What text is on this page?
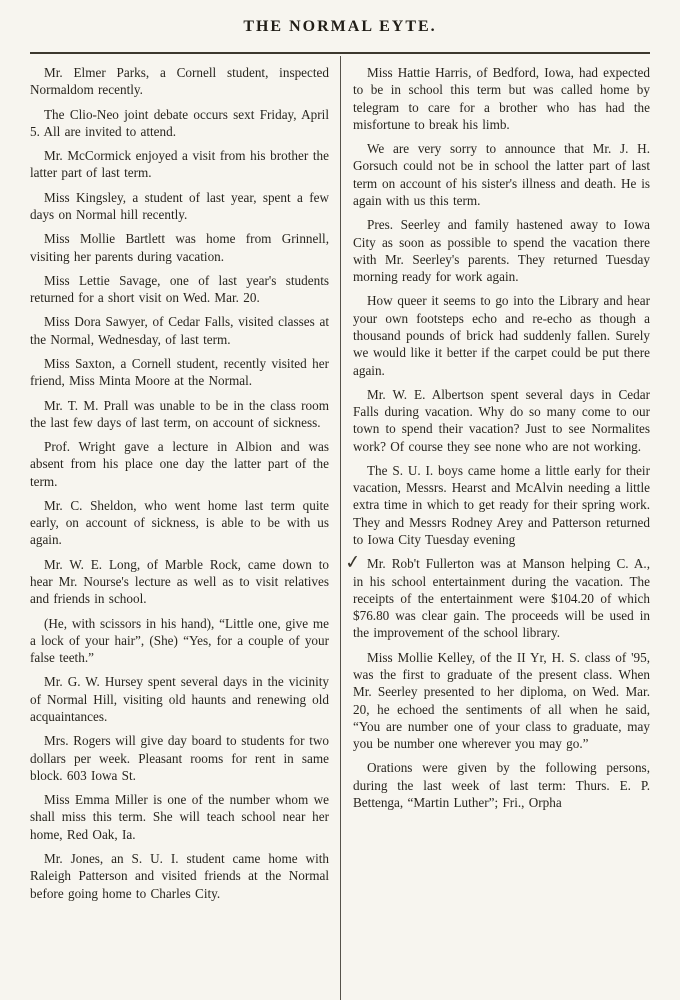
THE NORMAL EYTE.

Mr. Elmer Parks, a Cornell student, inspected Normaldom recently.

The Clio-Neo joint debate occurs sext Friday, April 5. All are invited to attend.

Mr. McCormick enjoyed a visit from his brother the latter part of last term.

Miss Kingsley, a student of last year, spent a few days on Normal hill recently.

Miss Mollie Bartlett was home from Grinnell, visiting her parents during vacation.

Miss Lettie Savage, one of last year's students returned for a short visit on Wed. Mar. 20.

Miss Dora Sawyer, of Cedar Falls, visited classes at the Normal, Wednesday, of last term.

Miss Saxton, a Cornell student, recently visited her friend, Miss Minta Moore at the Normal.

Mr. T. M. Prall was unable to be in the class room the last few days of last term, on account of sickness.

Prof. Wright gave a lecture in Albion and was absent from his place one day the latter part of the term.

Mr. C. Sheldon, who went home last term quite early, on account of sickness, is able to be with us again.

Mr. W. E. Long, of Marble Rock, came down to hear Mr. Nourse's lecture as well as to visit relatives and friends in school.

(He, with scissors in his hand), “Little one, give me a lock of your hair”, (She) “Yes, for a couple of your false teeth.”

Mr. G. W. Hursey spent several days in the vicinity of Normal Hill, visiting old haunts and renewing old acquaintances.

Mrs. Rogers will give day board to students for two dollars per week. Pleasant rooms for rent in same block. 603 Iowa St.

Miss Emma Miller is one of the number whom we shall miss this term. She will teach school near her home, Red Oak, Ia.

Mr. Jones, an S. U. I. student came home with Raleigh Patterson and visited friends at the Normal before going home to Charles City.

Miss Hattie Harris, of Bedford, Iowa, had expected to be in school this term but was called home by telegram to care for a brother who has had the misfortune to break his limb.

We are very sorry to announce that Mr. J. H. Gorsuch could not be in school the latter part of last term on account of his sister's illness and death. He is again with us this term.

Pres. Seerley and family hastened away to Iowa City as soon as possible to spend the vacation there with Mr. Seerley's parents. They returned Tuesday morning ready for work again.

How queer it seems to go into the Library and hear your own footsteps echo and re-echo as though a thousand pounds of brick had suddenly fallen. Surely we would like it better if the carpet could be put there again.

Mr. W. E. Albertson spent several days in Cedar Falls during vacation. Why do so many come to our town to spend their vacation? Just to see Normalites work? Of course they see none who are not working.

The S. U. I. boys came home a little early for their vacation, Messrs. Hearst and McAlvin needing a little extra time in which to get ready for their spring work. They and Messrs Rodney Arey and Patterson returned to Iowa City Tuesday evening

Mr. Rob't Fullerton was at Manson helping C. A., in his school entertainment during the vacation. The receipts of the entertainment were $104.20 of which $76.80 was clear gain. The proceeds will be used in the improvement of the school library.
✓

Miss Mollie Kelley, of the II Yr, H. S. class of '95, was the first to graduate of the present class. When Mr. Seerley presented to her diploma, on Wed. Mar. 20, he echoed the sentiments of all when he said, “You are number one of your class to graduate, may you be number one wherever you may go.”

Orations were given by the following persons, during the last week of last term: Thurs. E. P. Bettenga, “Martin Luther”; Fri., Orpha
